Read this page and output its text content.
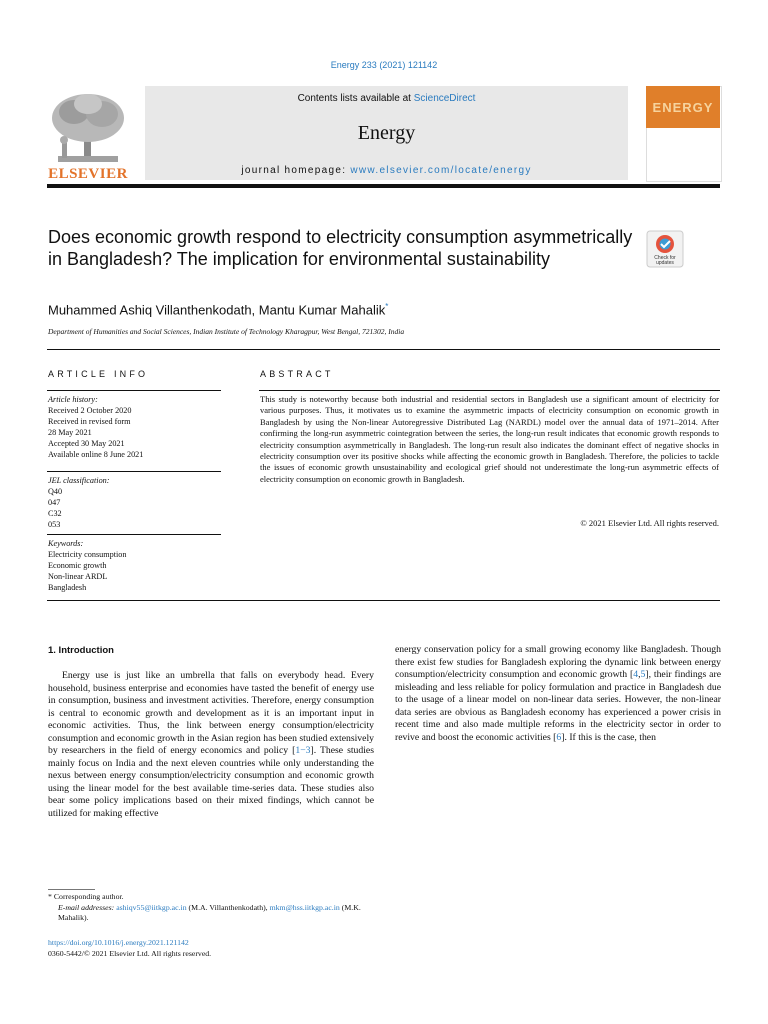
Energy 233 (2021) 121142
ELSEVIER
Contents lists available at ScienceDirect
Energy
journal homepage: www.elsevier.com/locate/energy
ENERGY
Does economic growth respond to electricity consumption asymmetrically in Bangladesh? The implication for environmental sustainability	Check for
updates
Muhammed Ashiq Villanthenkodath, Mantu Kumar Mahalik*
Department of Humanities and Social Sciences, Indian Institute of Technology Kharagpur, West Bengal, 721302, India
ARTICLE INFO	ABSTRACT
Article history:
Received 2 October 2020
Received in revised form
28 May 2021
Accepted 30 May 2021
Available online 8 June 2021
JEL classification:
Q40
047
C32
053
Keywords:
Electricity consumption
Economic growth
Non-linear ARDL
Bangladesh
This study is noteworthy because both industrial and residential sectors in Bangladesh use a significant amount of electricity for various purposes. Thus, it motivates us to examine the asymmetric impacts of electricity consumption on economic growth in Bangladesh by using the Non-linear Autoregressive Distributed Lag (NARDL) model over the annual data of 1971–2014. After confirming the long-run asymmetric cointegration between the series, the long-run result indicates that economic growth responds to electricity consumption asymmetrically in Bangladesh. The long-run result also indicates the dominant effect of negative shocks in electricity consumption over its positive shocks while affecting the economic growth in Bangladesh. Therefore, the policies to tackle the issues of economic growth unsustainability and ecological grief should not underestimate the long-run asymmetric effects of electricity consumption on economic growth in Bangladesh.
© 2021 Elsevier Ltd. All rights reserved.
1. Introduction
Energy use is just like an umbrella that falls on everybody head. Every household, business enterprise and economies have tasted the benefit of energy use in consumption, business and investment activities. Therefore, energy consumption is central to economic growth and development as it is an important input in economic activities. Thus, the link between energy consumption/electricity consumption and economic growth in the Asian region has been studied extensively by researchers in the field of energy economics and policy [1−3]. These studies mainly focus on India and the next eleven countries while only understanding the nexus between energy consumption/electricity consumption and economic growth using the linear model for the best available time-series data. These studies also bear some policy implications based on their mixed findings, which cannot be utilized for making effective
energy conservation policy for a small growing economy like Bangladesh. Though there exist few studies for Bangladesh exploring the dynamic link between energy consumption/electricity consumption and economic growth [4,5], their findings are misleading and less reliable for policy formulation and practice in Bangladesh due to the usage of a linear model on non-linear data series. However, the non-linear data series are obvious as Bangladesh economy has experienced a power crisis in recent time and also made multiple reforms in the electricity sector in order to revive and boost the economic activities [6]. If this is the case, then
* Corresponding author.
E-mail addresses: ashiqv55@iitkgp.ac.in (M.A. Villanthenkodath), mkm@hss.iitkgp.ac.in (M.K. Mahalik).
https://doi.org/10.1016/j.energy.2021.121142
0360-5442/© 2021 Elsevier Ltd. All rights reserved.
